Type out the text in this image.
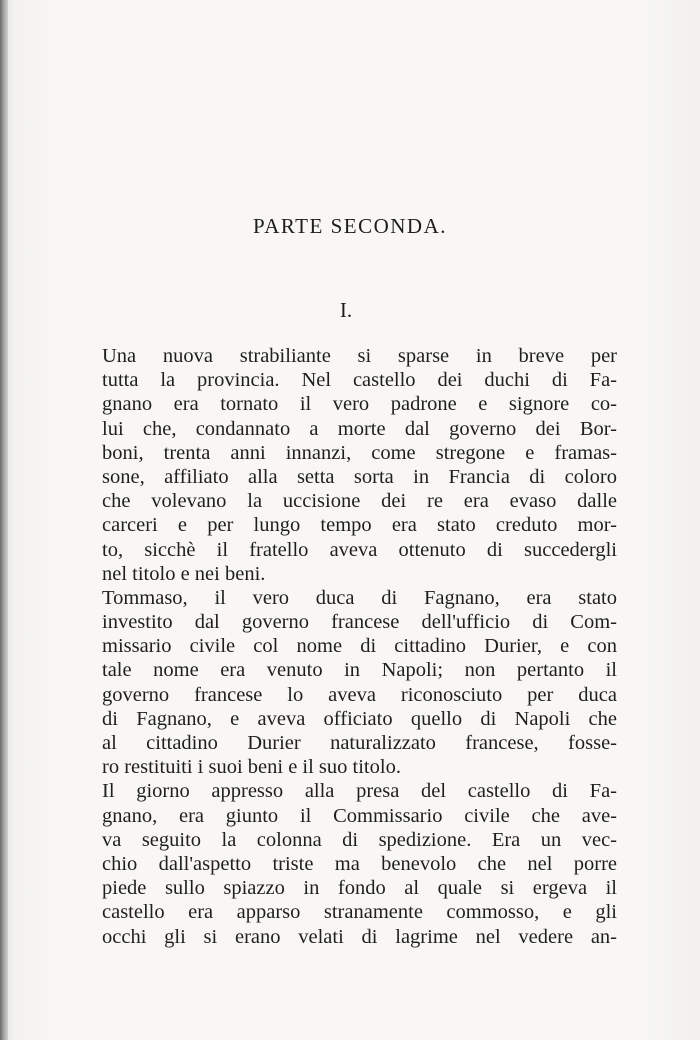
PARTE SECONDA.
I.
Una nuova strabiliante si sparse in breve per
tutta la provincia. Nel castello dei duchi di Fa-
gnano era tornato il vero padrone e signore co-
lui che, condannato a morte dal governo dei Bor-
boni, trenta anni innanzi, come stregone e framas-
sone, affiliato alla setta sorta in Francia di coloro
che volevano la uccisione dei re era evaso dalle
carceri e per lungo tempo era stato creduto mor-
to, sicchè il fratello aveva ottenuto di succedergli
nel titolo e nei beni.
Tommaso, il vero duca di Fagnano, era stato
investito dal governo francese dell'ufficio di Com-
missario civile col nome di cittadino Durier, e con
tale nome era venuto in Napoli; non pertanto il
governo francese lo aveva riconosciuto per duca
di Fagnano, e aveva officiato quello di Napoli che
al cittadino Durier naturalizzato francese, fosse-
ro restituiti i suoi beni e il suo titolo.
Il giorno appresso alla presa del castello di Fa-
gnano, era giunto il Commissario civile che ave-
va seguito la colonna di spedizione. Era un vec-
chio dall'aspetto triste ma benevolo che nel porre
piede sullo spiazzo in fondo al quale si ergeva il
castello era apparso stranamente commosso, e gli
occhi gli si erano velati di lagrime nel vedere an-
